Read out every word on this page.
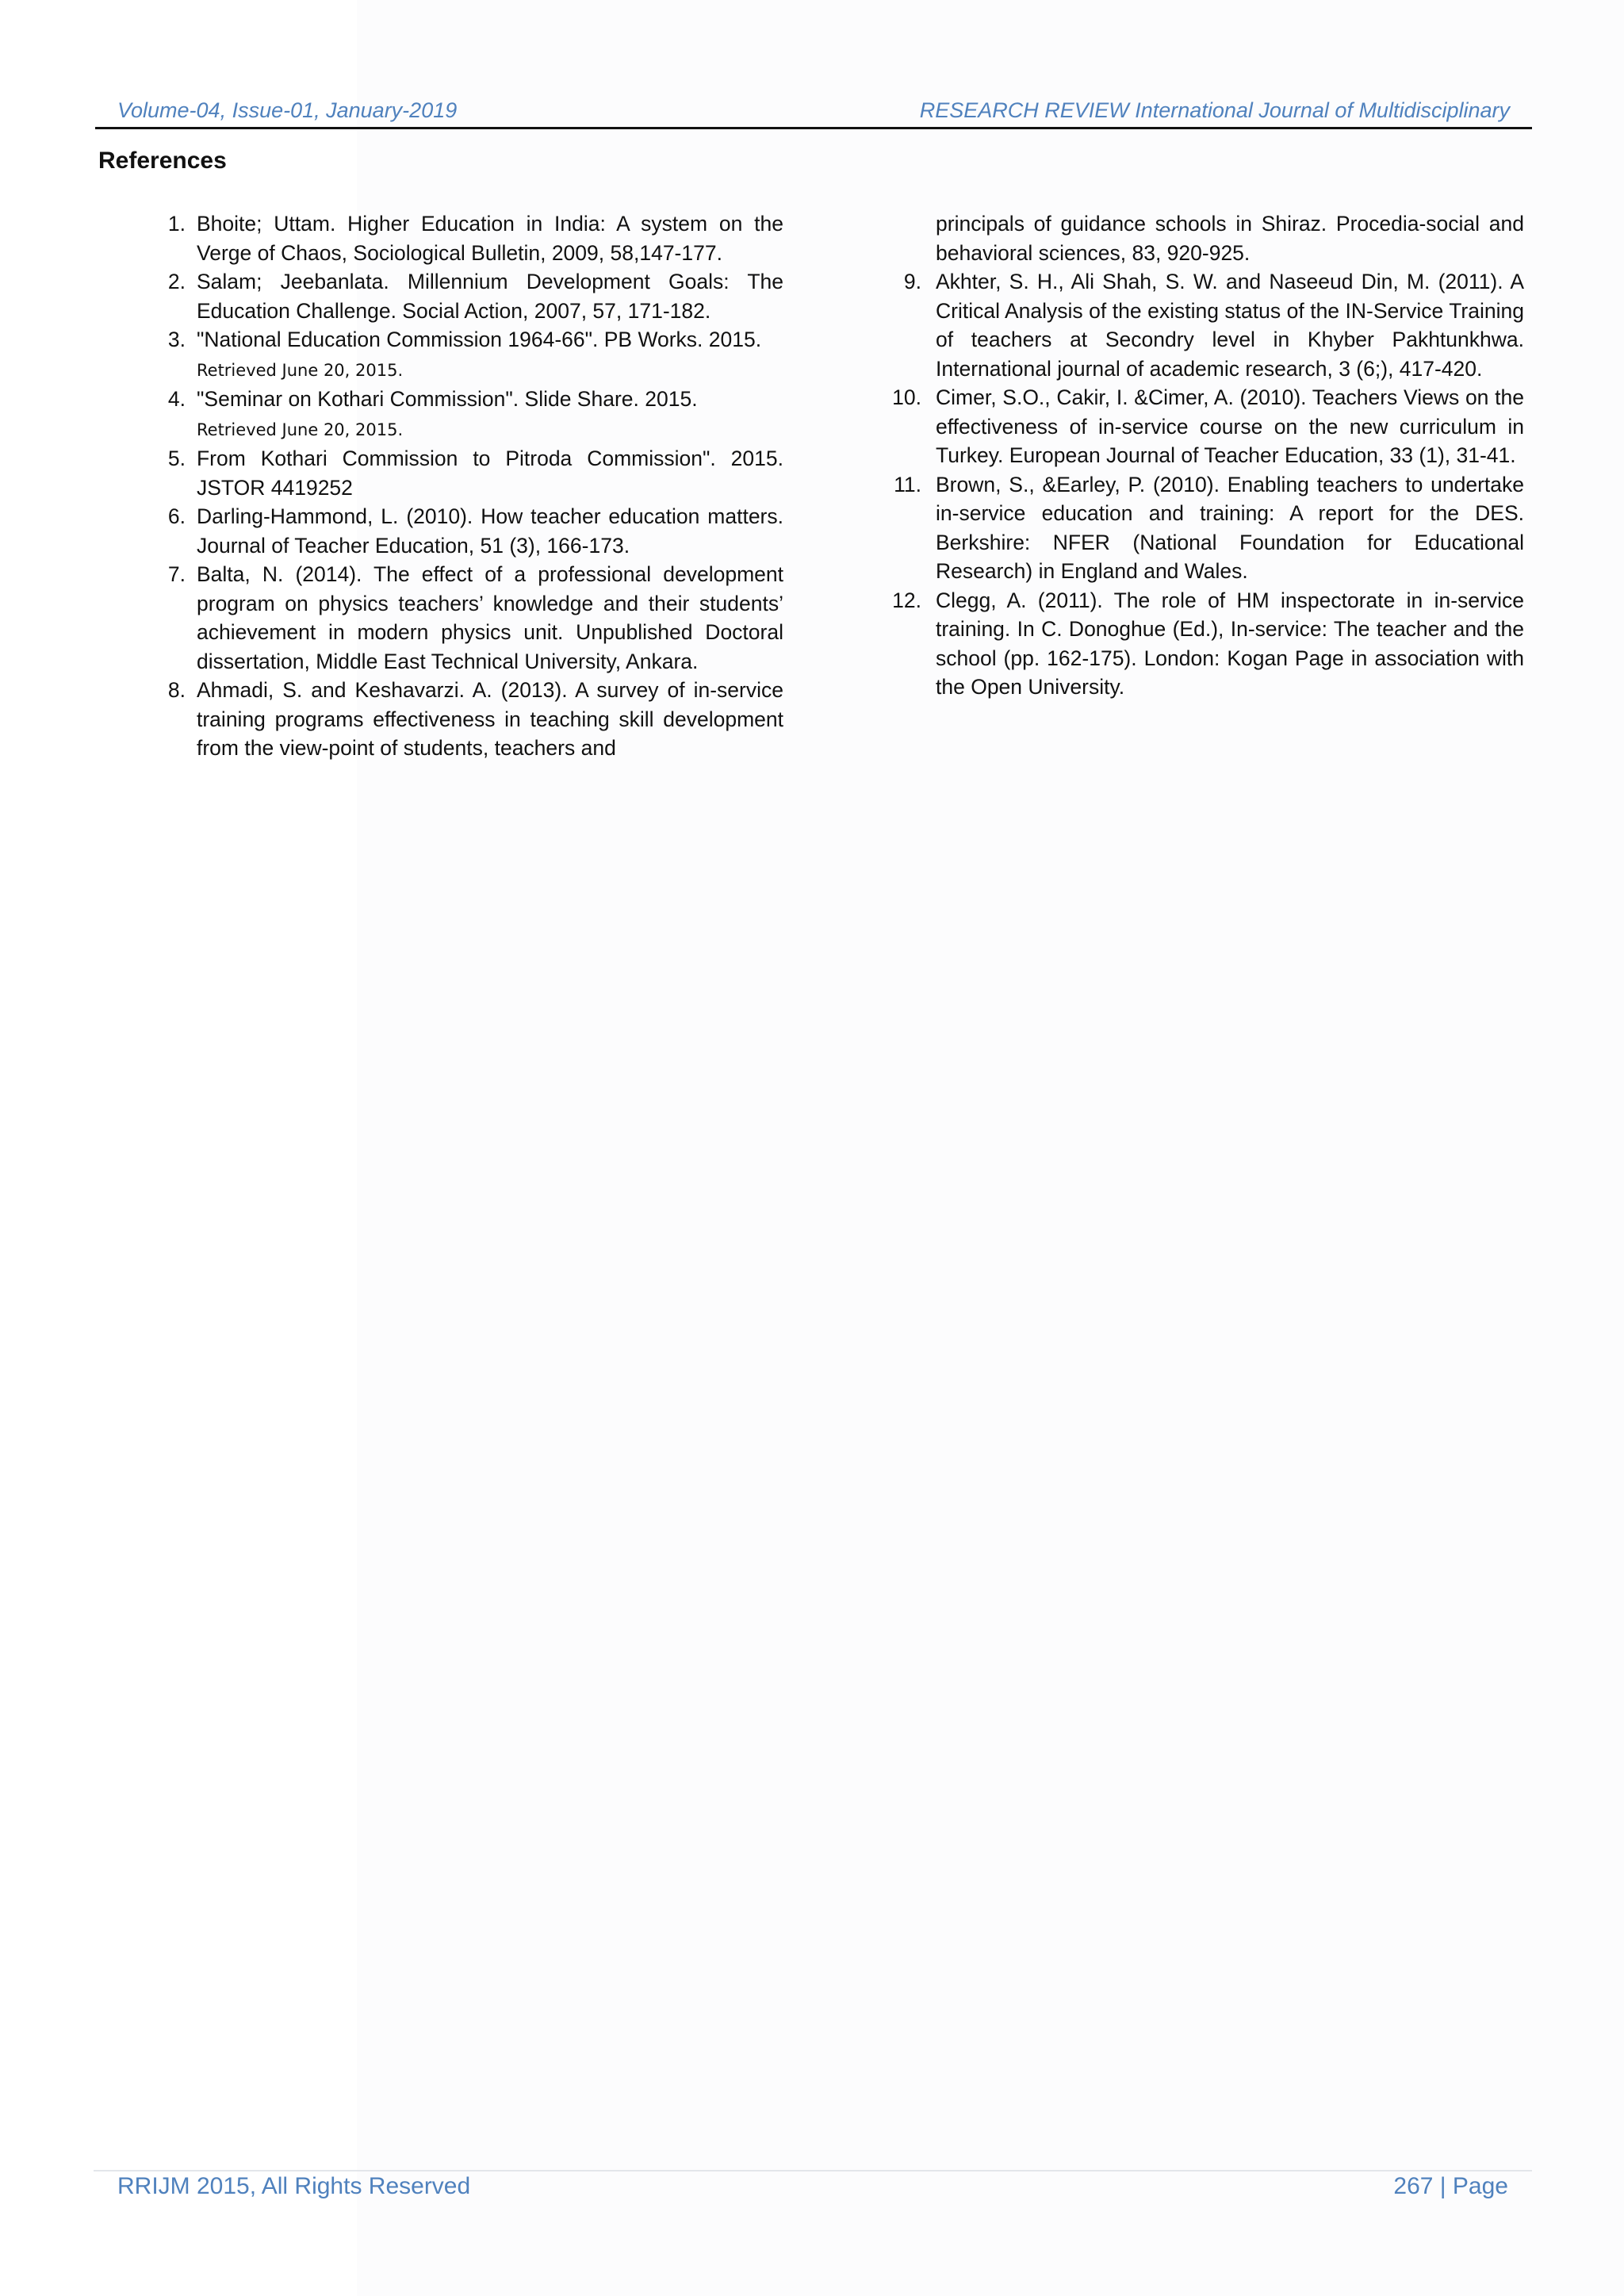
Volume-04, Issue-01, January-2019	RESEARCH REVIEW International Journal of Multidisciplinary
References
1. Bhoite; Uttam. Higher Education in India: A system on the Verge of Chaos, Sociological Bulletin, 2009, 58,147-177.
2. Salam; Jeebanlata. Millennium Development Goals: The Education Challenge. Social Action, 2007, 57, 171-182.
3. "National Education Commission 1964-66". PB Works. 2015.
Retrieved June 20, 2015.
4. "Seminar on Kothari Commission". Slide Share. 2015.
Retrieved June 20, 2015.
5. From Kothari Commission to Pitroda Commission". 2015. JSTOR 4419252
6. Darling-Hammond, L. (2010). How teacher education matters. Journal of Teacher Education, 51 (3), 166-173.
7. Balta, N. (2014). The effect of a professional development program on physics teachers’ knowledge and their students’ achievement in modern physics unit. Unpublished Doctoral dissertation, Middle East Technical University, Ankara.
8. Ahmadi, S. and Keshavarzi. A. (2013). A survey of in-service training programs effectiveness in teaching skill development from the view-point of students, teachers and
principals of guidance schools in Shiraz. Procedia-social and behavioral sciences, 83, 920-925.
9. Akhter, S. H., Ali Shah, S. W. and Naseeud Din, M. (2011). A Critical Analysis of the existing status of the IN-Service Training of teachers at Secondry level in Khyber Pakhtunkhwa. International journal of academic research, 3 (6;), 417-420.
10. Cimer, S.O., Cakir, I. &Cimer, A. (2010). Teachers Views on the effectiveness of in-service course on the new curriculum in Turkey. European Journal of Teacher Education, 33 (1), 31-41.
11. Brown, S., &Earley, P. (2010). Enabling teachers to undertake in-service education and training: A report for the DES. Berkshire: NFER (National Foundation for Educational Research) in England and Wales.
12. Clegg, A. (2011). The role of HM inspectorate in in-service training. In C. Donoghue (Ed.), In-service: The teacher and the school (pp. 162-175). London: Kogan Page in association with the Open University.
RRIJM 2015, All Rights Reserved	267 | Page
